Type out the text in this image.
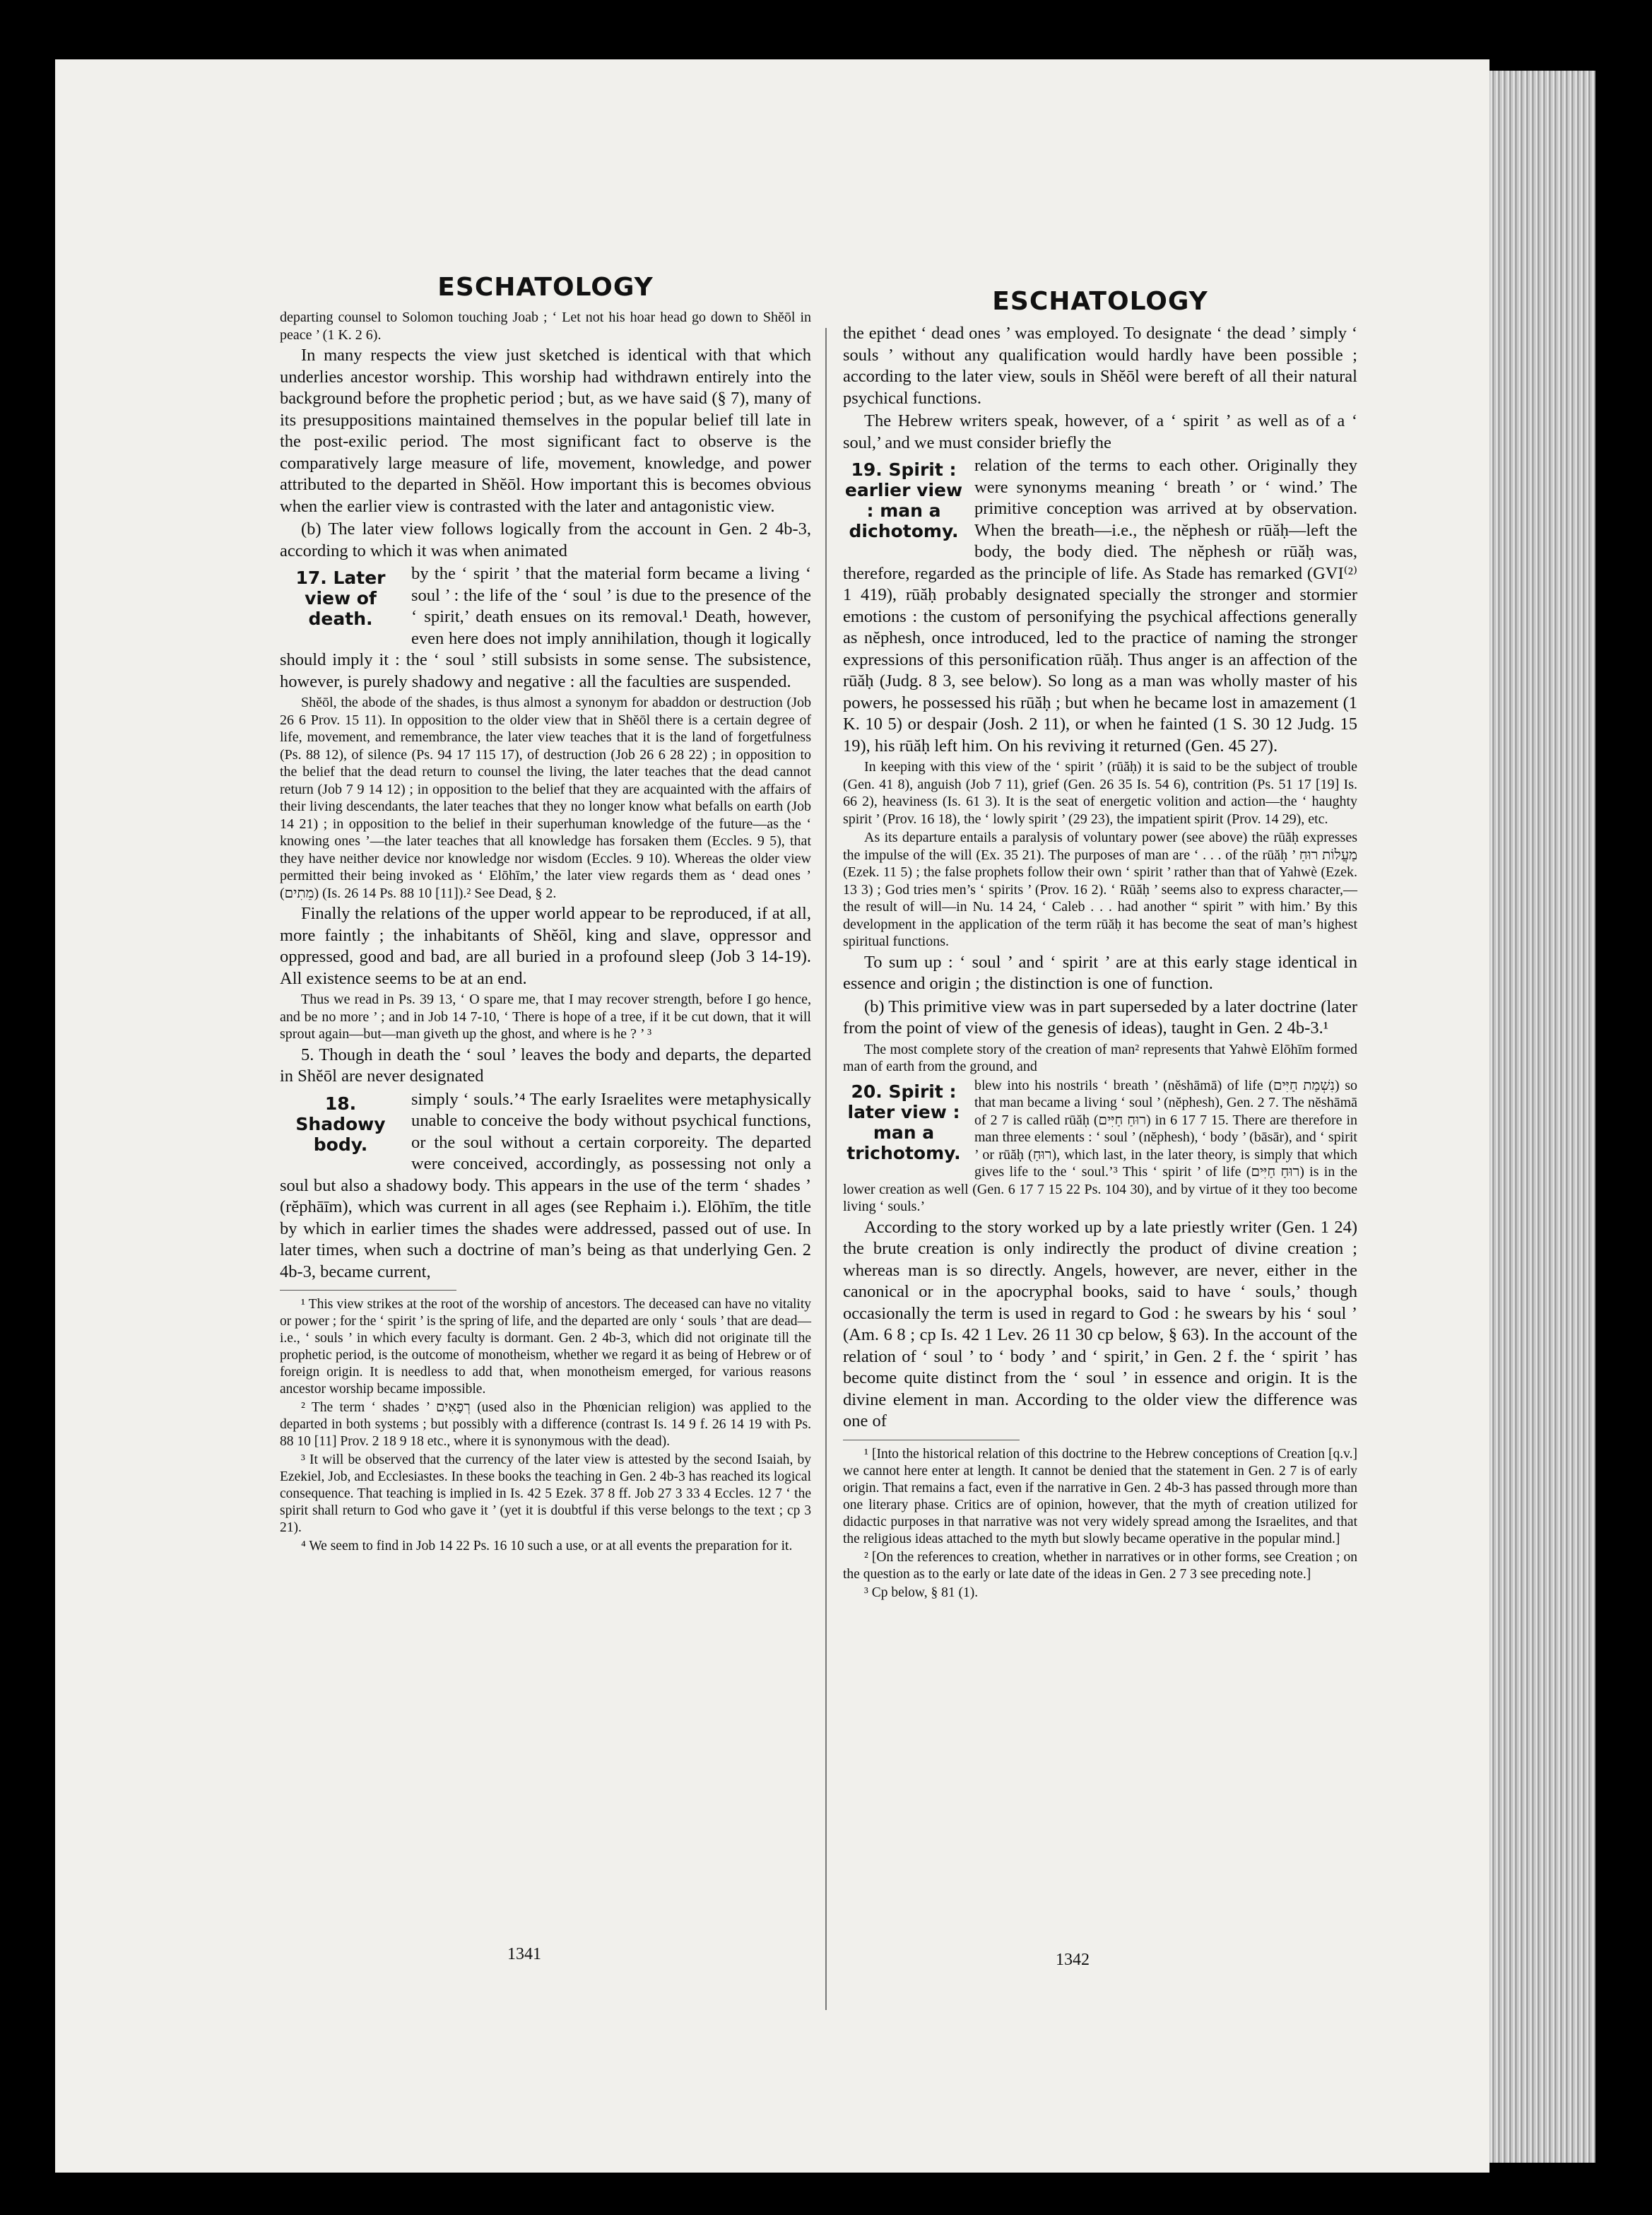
ESCHATOLOGY

departing counsel to Solomon touching Joab ; ‘ Let not his hoar head go down to Shĕōl in peace ’ (1 K. 2 6).

In many respects the view just sketched is identical with that which underlies ancestor worship. This worship had withdrawn entirely into the background before the prophetic period ; but, as we have said (§ 7), many of its presuppositions maintained themselves in the popular belief till late in the post-exilic period. The most significant fact to observe is the comparatively large measure of life, movement, knowledge, and power attributed to the departed in Shĕōl. How important this is becomes obvious when the earlier view is contrasted with the later and antagonistic view.

(b) The later view follows logically from the account in Gen. 2 4b-3, according to which it was when animated

17. Later view of death.

by the ‘ spirit ’ that the material form became a living ‘ soul ’ : the life of the ‘ soul ’ is due to the presence of the ‘ spirit,’ death ensues on its removal.¹ Death, however, even here does not imply annihilation, though it logically should imply it : the ‘ soul ’ still subsists in some sense. The subsistence, however, is purely shadowy and negative : all the faculties are suspended.

Shĕōl, the abode of the shades, is thus almost a synonym for abaddon or destruction (Job 26 6 Prov. 15 11). In opposition to the older view that in Shĕōl there is a certain degree of life, movement, and remembrance, the later view teaches that it is the land of forgetfulness (Ps. 88 12), of silence (Ps. 94 17 115 17), of destruction (Job 26 6 28 22) ; in opposition to the belief that the dead return to counsel the living, the later teaches that the dead cannot return (Job 7 9 14 12) ; in opposition to the belief that they are acquainted with the affairs of their living descendants, the later teaches that they no longer know what befalls on earth (Job 14 21) ; in opposition to the belief in their superhuman knowledge of the future—as the ‘ knowing ones ’—the later teaches that all knowledge has forsaken them (Eccles. 9 5), that they have neither device nor knowledge nor wisdom (Eccles. 9 10). Whereas the older view permitted their being invoked as ‘ Elōhīm,’ the later view regards them as ‘ dead ones ’ (מֵתִים) (Is. 26 14 Ps. 88 10 [11]).² See Dead, § 2.

Finally the relations of the upper world appear to be reproduced, if at all, more faintly ; the inhabitants of Shĕōl, king and slave, oppressor and oppressed, good and bad, are all buried in a profound sleep (Job 3 14-19). All existence seems to be at an end.

Thus we read in Ps. 39 13, ‘ O spare me, that I may recover strength, before I go hence, and be no more ’ ; and in Job 14 7-10, ‘ There is hope of a tree, if it be cut down, that it will sprout again—but—man giveth up the ghost, and where is he ? ’ ³

5. Though in death the ‘ soul ’ leaves the body and departs, the departed in Shĕōl are never designated

18. Shadowy body.

simply ‘ souls.’⁴ The early Israelites were metaphysically unable to conceive the body without psychical functions, or the soul without a certain corporeity. The departed were conceived, accordingly, as possessing not only a soul but also a shadowy body. This appears in the use of the term ‘ shades ’ (rĕphāīm), which was current in all ages (see Rephaim i.). Elōhīm, the title by which in earlier times the shades were addressed, passed out of use. In later times, when such a doctrine of man’s being as that underlying Gen. 2 4b-3, became current,

¹ This view strikes at the root of the worship of ancestors. The deceased can have no vitality or power ; for the ‘ spirit ’ is the spring of life, and the departed are only ‘ souls ’ that are dead—i.e., ‘ souls ’ in which every faculty is dormant. Gen. 2 4b-3, which did not originate till the prophetic period, is the outcome of monotheism, whether we regard it as being of Hebrew or of foreign origin. It is needless to add that, when monotheism emerged, for various reasons ancestor worship became impossible.

² The term ‘ shades ’ רְפָאִים (used also in the Phœnician religion) was applied to the departed in both systems ; but possibly with a difference (contrast Is. 14 9 f. 26 14 19 with Ps. 88 10 [11] Prov. 2 18 9 18 etc., where it is synonymous with the dead).

³ It will be observed that the currency of the later view is attested by the second Isaiah, by Ezekiel, Job, and Ecclesiastes. In these books the teaching in Gen. 2 4b-3 has reached its logical consequence. That teaching is implied in Is. 42 5 Ezek. 37 8 ff. Job 27 3 33 4 Eccles. 12 7 ‘ the spirit shall return to God who gave it ’ (yet it is doubtful if this verse belongs to the text ; cp 3 21).

⁴ We seem to find in Job 14 22 Ps. 16 10 such a use, or at all events the preparation for it.

ESCHATOLOGY

the epithet ‘ dead ones ’ was employed. To designate ‘ the dead ’ simply ‘ souls ’ without any qualification would hardly have been possible ; according to the later view, souls in Shĕōl were bereft of all their natural psychical functions.

The Hebrew writers speak, however, of a ‘ spirit ’ as well as of a ‘ soul,’ and we must consider briefly the

19. Spirit : earlier view : man a dichotomy.

relation of the terms to each other. Originally they were synonyms meaning ‘ breath ’ or ‘ wind.’ The primitive conception was arrived at by observation. When the breath—i.e., the nĕphesh or rūăḥ—left the body, the body died. The nĕphesh or rūăḥ was, therefore, regarded as the principle of life. As Stade has remarked (GVI⁽²⁾ 1 419), rūăḥ probably designated specially the stronger and stormier emotions : the custom of personifying the psychical affections generally as nĕphesh, once introduced, led to the practice of naming the stronger expressions of this personification rūăḥ. Thus anger is an affection of the rūăḥ (Judg. 8 3, see below). So long as a man was wholly master of his powers, he possessed his rūăḥ ; but when he became lost in amazement (1 K. 10 5) or despair (Josh. 2 11), or when he fainted (1 S. 30 12 Judg. 15 19), his rūăḥ left him. On his reviving it returned (Gen. 45 27).

In keeping with this view of the ‘ spirit ’ (rūăḥ) it is said to be the subject of trouble (Gen. 41 8), anguish (Job 7 11), grief (Gen. 26 35 Is. 54 6), contrition (Ps. 51 17 [19] Is. 66 2), heaviness (Is. 61 3). It is the seat of energetic volition and action—the ‘ haughty spirit ’ (Prov. 16 18), the ‘ lowly spirit ’ (29 23), the impatient spirit (Prov. 14 29), etc.

As its departure entails a paralysis of voluntary power (see above) the rūăḥ expresses the impulse of the will (Ex. 35 21). The purposes of man are ‘ . . . of the rūăḥ ’ מַעֲלוֹת רוּחַ (Ezek. 11 5) ; the false prophets follow their own ‘ spirit ’ rather than that of Yahwè (Ezek. 13 3) ; God tries men’s ‘ spirits ’ (Prov. 16 2). ‘ Rūăḥ ’ seems also to express character,—the result of will—in Nu. 14 24, ‘ Caleb . . . had another “ spirit ” with him.’ By this development in the application of the term rūăḥ it has become the seat of man’s highest spiritual functions.

To sum up : ‘ soul ’ and ‘ spirit ’ are at this early stage identical in essence and origin ; the distinction is one of function.

(b) This primitive view was in part superseded by a later doctrine (later from the point of view of the genesis of ideas), taught in Gen. 2 4b-3.¹

The most complete story of the creation of man² represents that Yahwè Elōhīm formed man of earth from the ground, and

20. Spirit : later view : man a trichotomy.

blew into his nostrils ‘ breath ’ (nĕshāmā) of life (נִשְׁמַת חַיִּים) so that man became a living ‘ soul ’ (nĕphesh), Gen. 2 7. The nĕshāmā of 2 7 is called rūăḥ (רוּחַ חַיִּים) in 6 17 7 15. There are therefore in man three elements : ‘ soul ’ (nĕphesh), ‘ body ’ (bāsār), and ‘ spirit ’ or rūăḥ (רוּחַ), which last, in the later theory, is simply that which gives life to the ‘ soul.’³ This ‘ spirit ’ of life (רוּחַ חַיִּים) is in the lower creation as well (Gen. 6 17 7 15 22 Ps. 104 30), and by virtue of it they too become living ‘ souls.’

According to the story worked up by a late priestly writer (Gen. 1 24) the brute creation is only indirectly the product of divine creation ; whereas man is so directly. Angels, however, are never, either in the canonical or in the apocryphal books, said to have ‘ souls,’ though occasionally the term is used in regard to God : he swears by his ‘ soul ’ (Am. 6 8 ; cp Is. 42 1 Lev. 26 11 30 cp below, § 63). In the account of the relation of ‘ soul ’ to ‘ body ’ and ‘ spirit,’ in Gen. 2 f. the ‘ spirit ’ has become quite distinct from the ‘ soul ’ in essence and origin. It is the divine element in man. According to the older view the difference was one of

¹ [Into the historical relation of this doctrine to the Hebrew conceptions of Creation [q.v.] we cannot here enter at length. It cannot be denied that the statement in Gen. 2 7 is of early origin. That remains a fact, even if the narrative in Gen. 2 4b-3 has passed through more than one literary phase. Critics are of opinion, however, that the myth of creation utilized for didactic purposes in that narrative was not very widely spread among the Israelites, and that the religious ideas attached to the myth but slowly became operative in the popular mind.]

² [On the references to creation, whether in narratives or in other forms, see Creation ; on the question as to the early or late date of the ideas in Gen. 2 7 3 see preceding note.]

³ Cp below, § 81 (1).

1341	1342
